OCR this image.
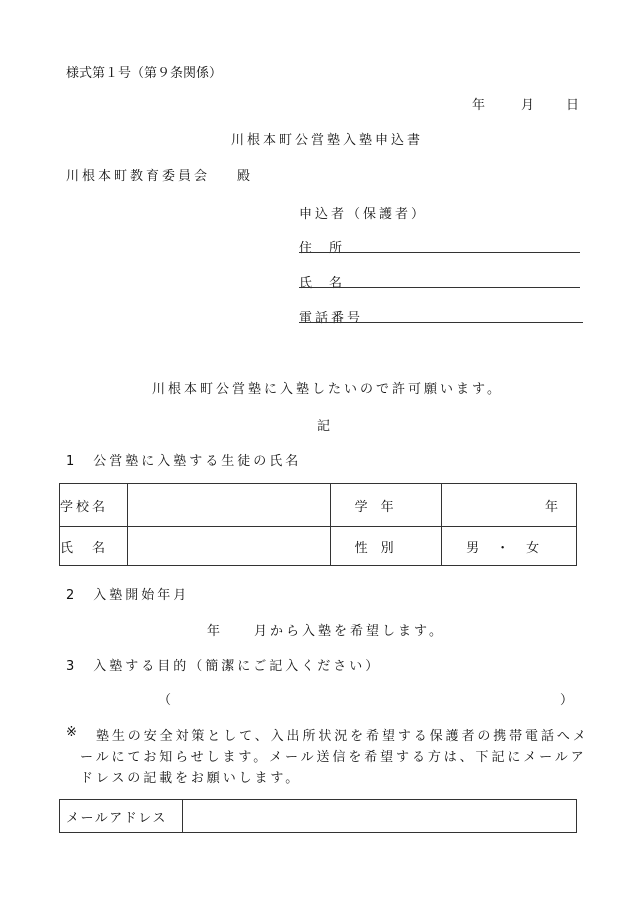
様式第１号（第９条関係）
年	月 日
川根本町公営塾入塾申込書
川根本町教育委員会 殿
申込者（保護者）
住　所
氏　名
電話番号
川根本町公営塾に入塾したいので許可願います。
記
1　公営塾に入塾する生徒の氏名
学校名		学　年	年
氏　名		性　別	男　・　女
2　入塾開始年月
年	月から入塾を希望します。
3　入塾する目的（簡潔にご記入ください）
（	）
※ 塾生の安全対策として、入出所状況を希望する保護者の携帯電話へメ
ールにてお知らせします。メール送信を希望する方は、下記にメールア
ドレスの記載をお願いします。
メールアドレス	
